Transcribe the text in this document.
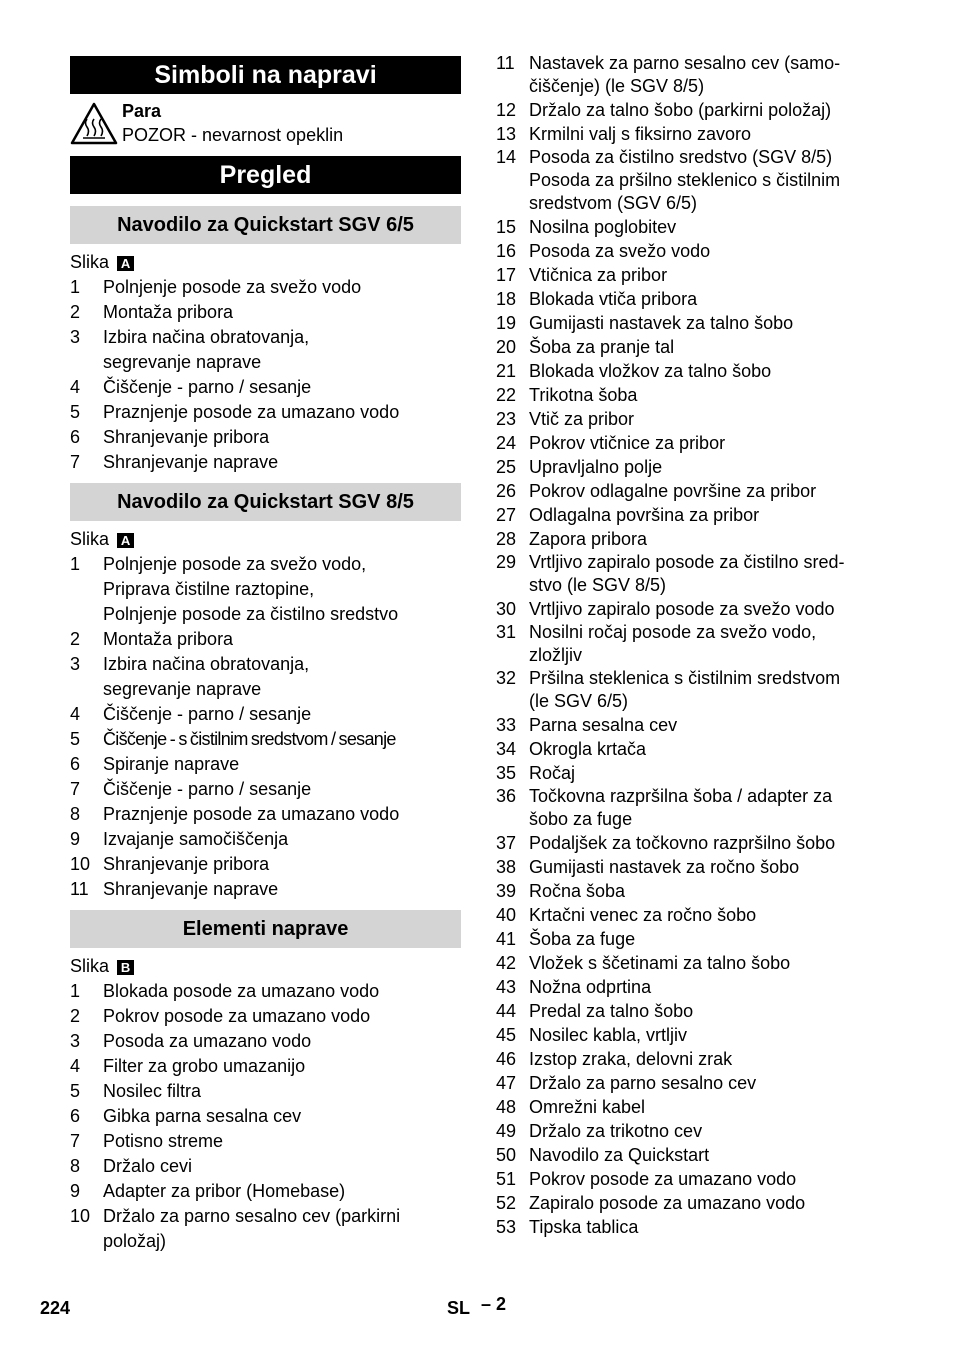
Simboli na napravi
Para
POZOR - nevarnost opeklin
Pregled
Navodilo za Quickstart SGV 6/5
Slika A
1 Polnjenje posode za svežo vodo
2 Montaža pribora
3 Izbira načina obratovanja,
segrevanje naprave
4 Čiščenje - parno / sesanje
5 Praznjenje posode za umazano vodo
6 Shranjevanje pribora
7 Shranjevanje naprave
Navodilo za Quickstart SGV 8/5
Slika A
1 Polnjenje posode za svežo vodo,
Priprava čistilne raztopine,
Polnjenje posode za čistilno sredstvo
2 Montaža pribora
3 Izbira načina obratovanja,
segrevanje naprave
4 Čiščenje - parno / sesanje
5 Čiščenje - s čistilnim sredstvom / sesanje
6 Spiranje naprave
7 Čiščenje - parno / sesanje
8 Praznjenje posode za umazano vodo
9 Izvajanje samočiščenja
10 Shranjevanje pribora
11 Shranjevanje naprave
Elementi naprave
Slika B
1 Blokada posode za umazano vodo
2 Pokrov posode za umazano vodo
3 Posoda za umazano vodo
4 Filter za grobo umazanijo
5 Nosilec filtra
6 Gibka parna sesalna cev
7 Potisno streme
8 Držalo cevi
9 Adapter za pribor (Homebase)
10 Držalo za parno sesalno cev (parkirni
položaj)
11 Nastavek za parno sesalno cev (samo-
čiščenje) (le SGV 8/5)
12 Držalo za talno šobo (parkirni položaj)
13 Krmilni valj s fiksirno zavoro
14 Posoda za čistilno sredstvo (SGV 8/5)
Posoda za pršilno steklenico s čistilnim
sredstvom (SGV 6/5)
15 Nosilna poglobitev
16 Posoda za svežo vodo
17 Vtičnica za pribor
18 Blokada vtiča pribora
19 Gumijasti nastavek za talno šobo
20 Šoba za pranje tal
21 Blokada vložkov za talno šobo
22 Trikotna šoba
23 Vtič za pribor
24 Pokrov vtičnice za pribor
25 Upravljalno polje
26 Pokrov odlagalne površine za pribor
27 Odlagalna površina za pribor
28 Zapora pribora
29 Vrtljivo zapiralo posode za čistilno sred-
stvo (le SGV 8/5)
30 Vrtljivo zapiralo posode za svežo vodo
31 Nosilni ročaj posode za svežo vodo,
zložljiv
32 Pršilna steklenica s čistilnim sredstvom
(le SGV 6/5)
33 Parna sesalna cev
34 Okrogla krtača
35 Ročaj
36 Točkovna razpršilna šoba / adapter za
šobo za fuge
37 Podaljšek za točkovno razpršilno šobo
38 Gumijasti nastavek za ročno šobo
39 Ročna šoba
40 Krtačni venec za ročno šobo
41 Šoba za fuge
42 Vložek s ščetinami za talno šobo
43 Nožna odprtina
44 Predal za talno šobo
45 Nosilec kabla, vrtljiv
46 Izstop zraka, delovni zrak
47 Držalo za parno sesalno cev
48 Omrežni kabel
49 Držalo za trikotno cev
50 Navodilo za Quickstart
51 Pokrov posode za umazano vodo
52 Zapiralo posode za umazano vodo
53 Tipska tablica
224	SL – 2
